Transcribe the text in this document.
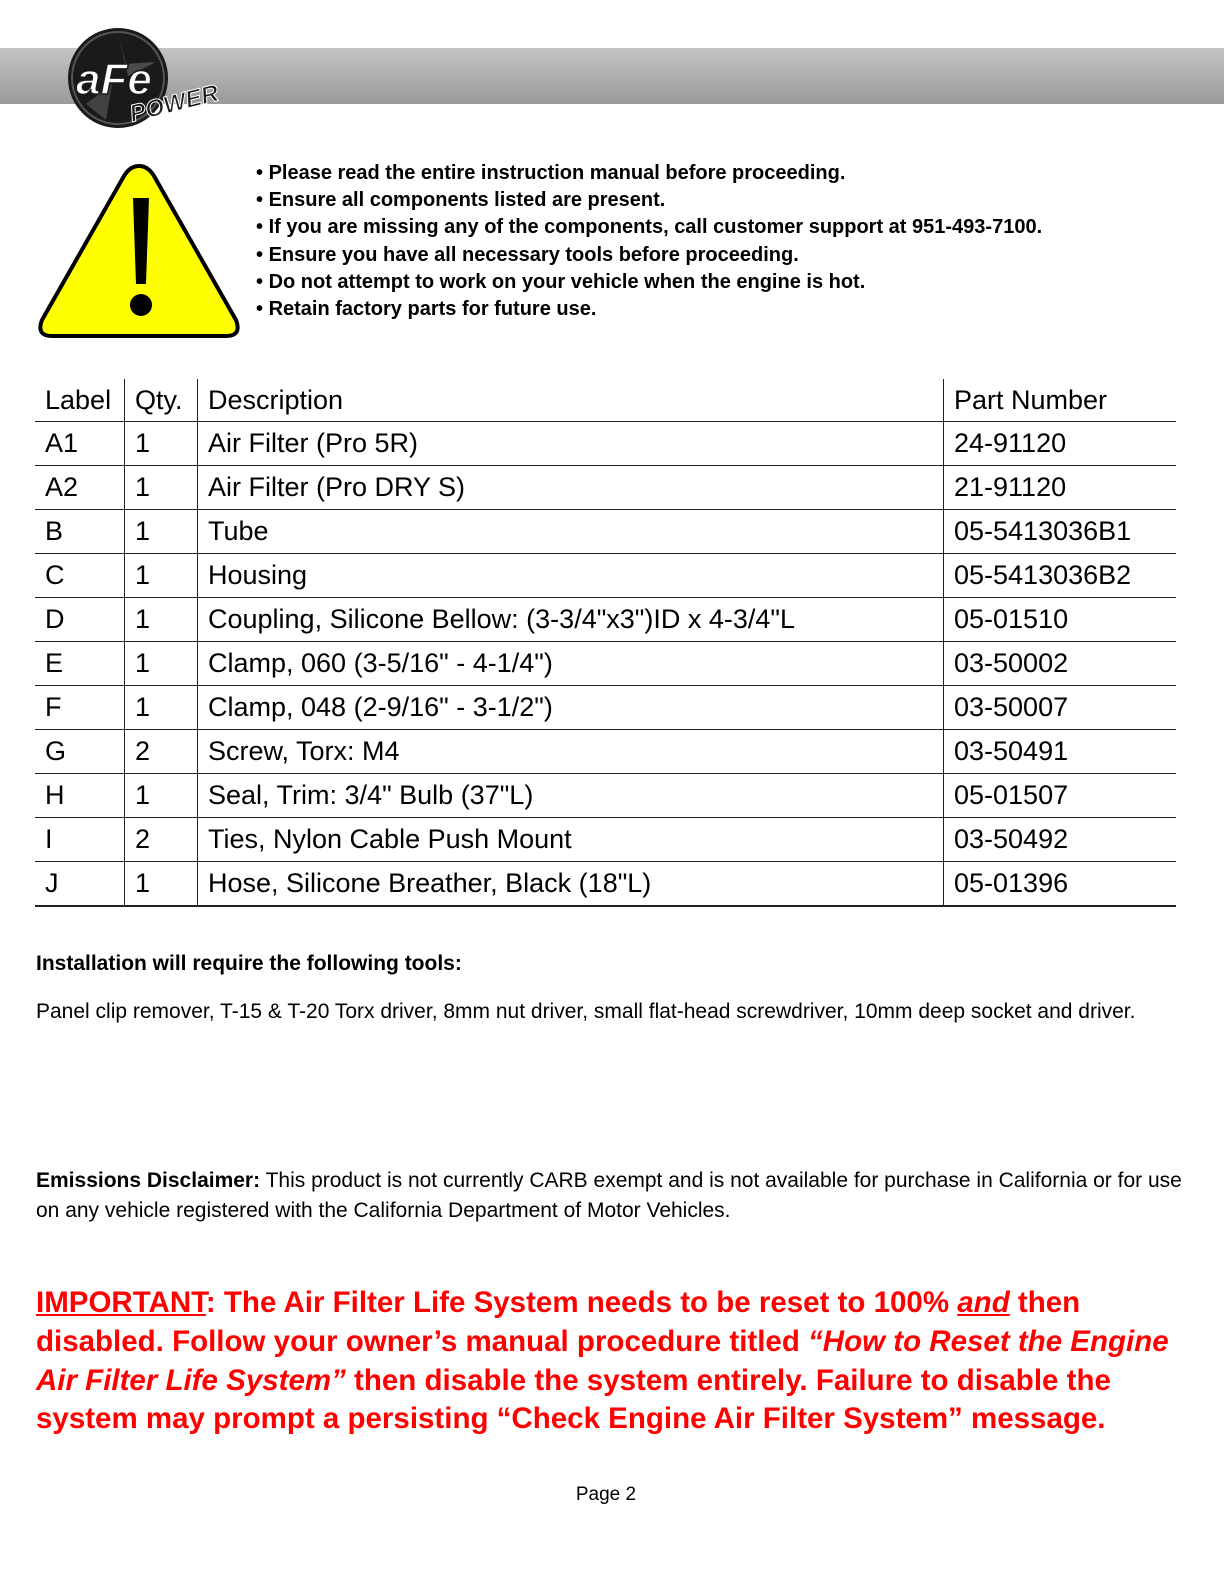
aFe
POWER
• Please read the entire instruction manual before proceeding.
• Ensure all components listed are present.
• If you are missing any of the components, call customer support at 951-493-7100.
• Ensure you have all necessary tools before proceeding.
• Do not attempt to work on your vehicle when the engine is hot.
• Retain factory parts for future use.
Label	Qty.	Description	Part Number
A1	1	Air Filter (Pro 5R)	24-91120
A2	1	Air Filter (Pro DRY S)	21-91120
B	1	Tube	05-5413036B1
C	1	Housing	05-5413036B2
D	1	Coupling, Silicone Bellow: (3-3/4"x3")ID x 4-3/4"L	05-01510
E	1	Clamp, 060 (3-5/16" - 4-1/4")	03-50002
F	1	Clamp, 048 (2-9/16" - 3-1/2")	03-50007
G	2	Screw, Torx: M4	03-50491
H	1	Seal, Trim: 3/4" Bulb (37"L)	05-01507
I	2	Ties, Nylon Cable Push Mount	03-50492
J	1	Hose, Silicone Breather, Black (18"L)	05-01396

Installation will require the following tools:

Panel clip remover, T-15 & T-20 Torx driver, 8mm nut driver, small flat-head screwdriver, 10mm deep socket and driver.

Emissions Disclaimer: This product is not currently CARB exempt and is not available for purchase in California or for use on any vehicle registered with the California Department of Motor Vehicles.

IMPORTANT: The Air Filter Life System needs to be reset to 100% and then disabled. Follow your owner’s manual procedure titled “How to Reset the Engine Air Filter Life System” then disable the system entirely. Failure to disable the system may prompt a persisting “Check Engine Air Filter System” message.

Page 2
